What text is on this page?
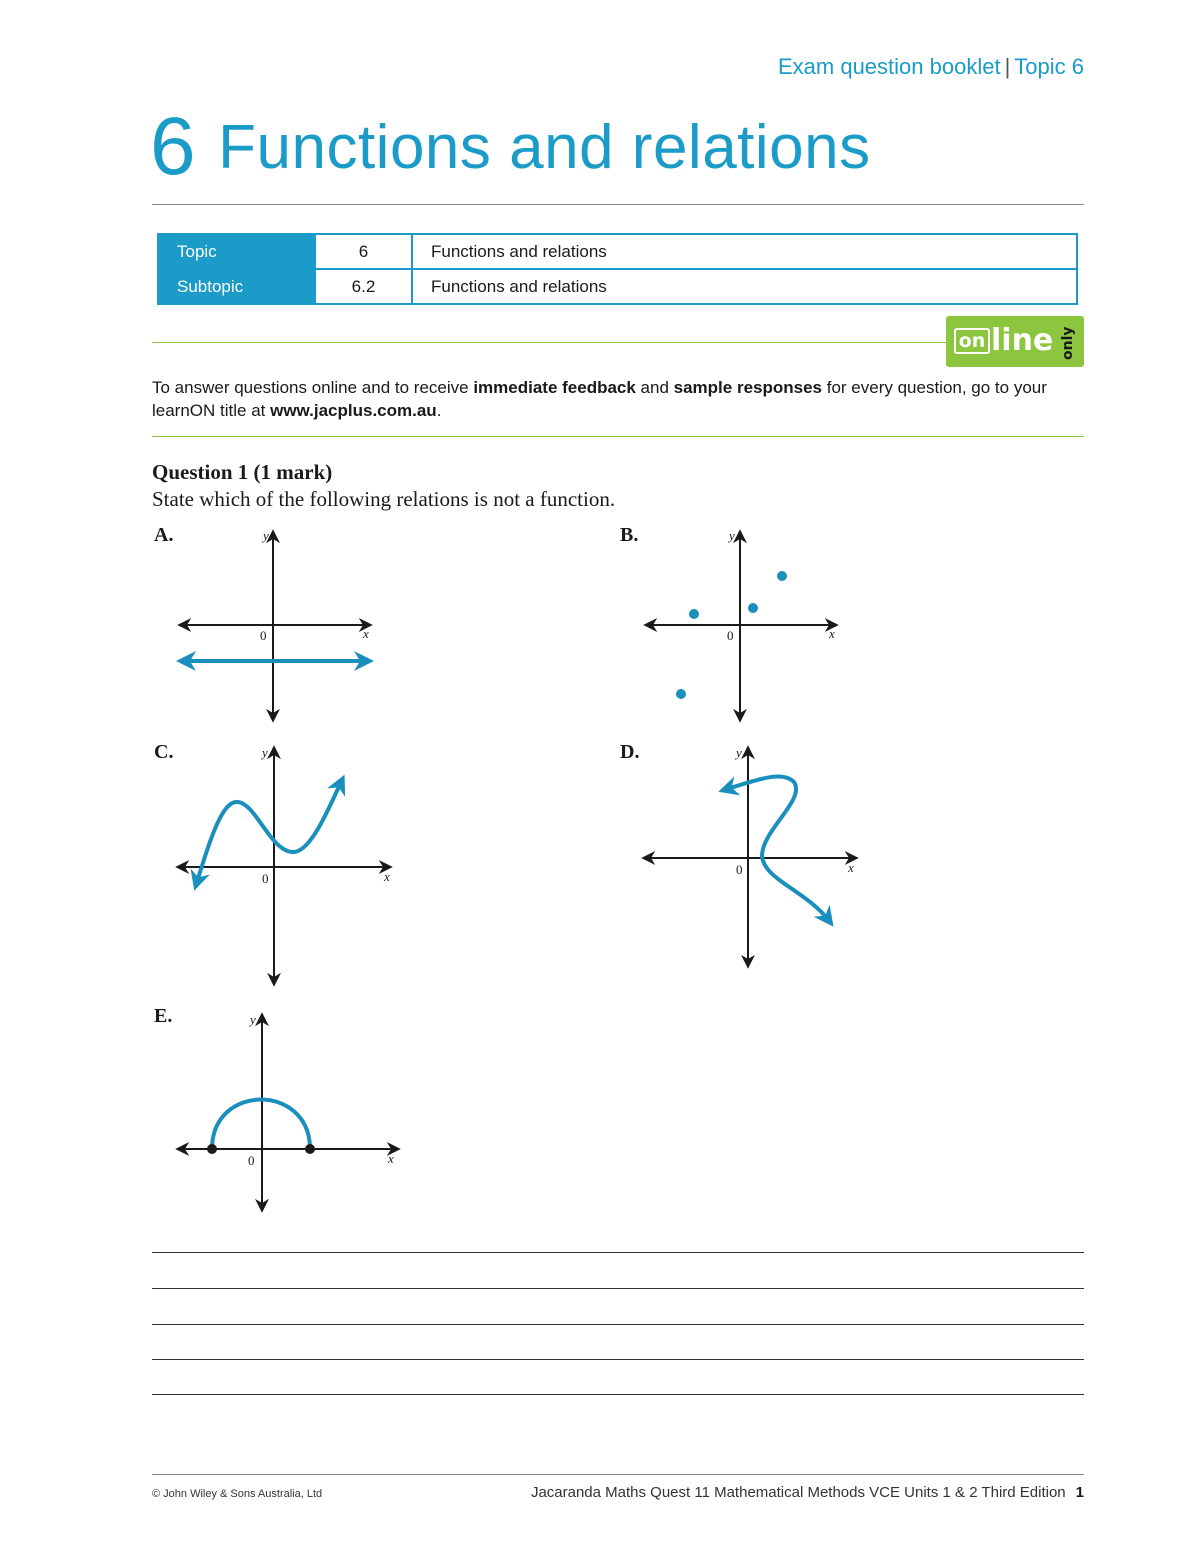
Exam question booklet | Topic 6
6 Functions and relations
Topic	6	Functions and relations
Subtopic	6.2	Functions and relations
on line only

To answer questions online and to receive immediate feedback and sample responses for every question, go to your learnON title at www.jacplus.com.au.

Question 1 (1 mark)
State which of the following relations is not a function.
A.	B.
C.	D.
E.
y
x
0
y
x
0
y
x
0
y
x
0
y
x
0
© John Wiley & Sons Australia, Ltd	Jacaranda Maths Quest 11 Mathematical Methods VCE Units 1 & 2 Third Edition 1
